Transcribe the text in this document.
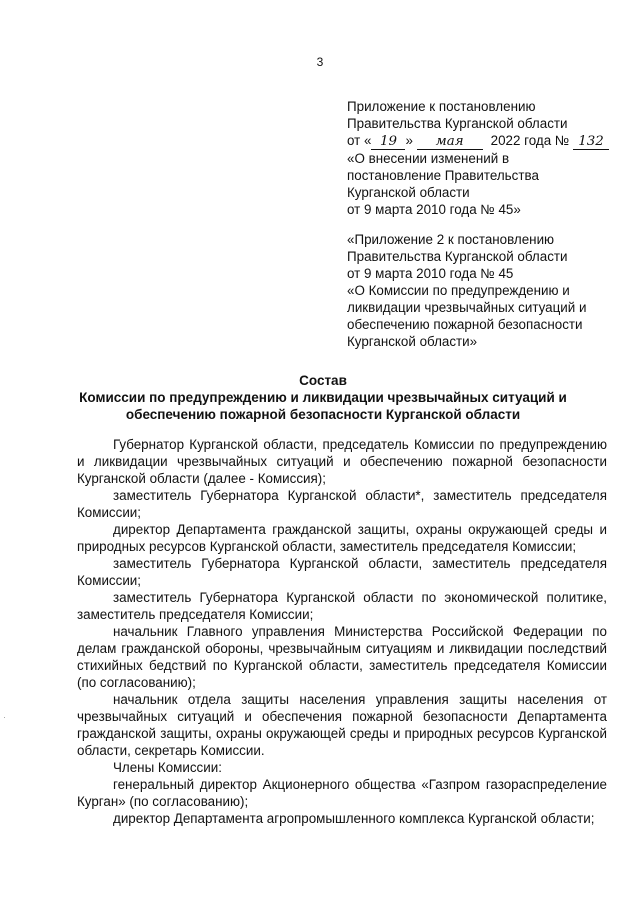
3
Приложение к постановлению
Правительства Курганской области
от « 19 » мая 2022 года № 132
«О внесении изменений в
постановление Правительства
Курганской области
от 9 марта 2010 года № 45»
«Приложение 2 к постановлению
Правительства Курганской области
от 9 марта 2010 года № 45
«О Комиссии по предупреждению и
ликвидации чрезвычайных ситуаций и
обеспечению пожарной безопасности
Курганской области»
Состав
Комиссии по предупреждению и ликвидации чрезвычайных ситуаций и
обеспечению пожарной безопасности Курганской области

Губернатор Курганской области, председатель Комиссии по предупреждению и ликвидации чрезвычайных ситуаций и обеспечению пожарной безопасности Курганской области (далее - Комиссия);

заместитель Губернатора Курганской области*, заместитель председателя Комиссии;

директор Департамента гражданской защиты, охраны окружающей среды и природных ресурсов Курганской области, заместитель председателя Комиссии;

заместитель Губернатора Курганской области, заместитель председателя Комиссии;

заместитель Губернатора Курганской области по экономической политике, заместитель председателя Комиссии;

начальник Главного управления Министерства Российской Федерации по делам гражданской обороны, чрезвычайным ситуациям и ликвидации последствий стихийных бедствий по Курганской области, заместитель председателя Комиссии (по согласованию);

начальник отдела защиты населения управления защиты населения от чрезвычайных ситуаций и обеспечения пожарной безопасности Департамента гражданской защиты, охраны окружающей среды и природных ресурсов Курганской области, секретарь Комиссии.

Члены Комиссии:

генеральный директор Акционерного общества «Газпром газораспределение Курган» (по согласованию);

директор Департамента агропромышленного комплекса Курганской области;

·
